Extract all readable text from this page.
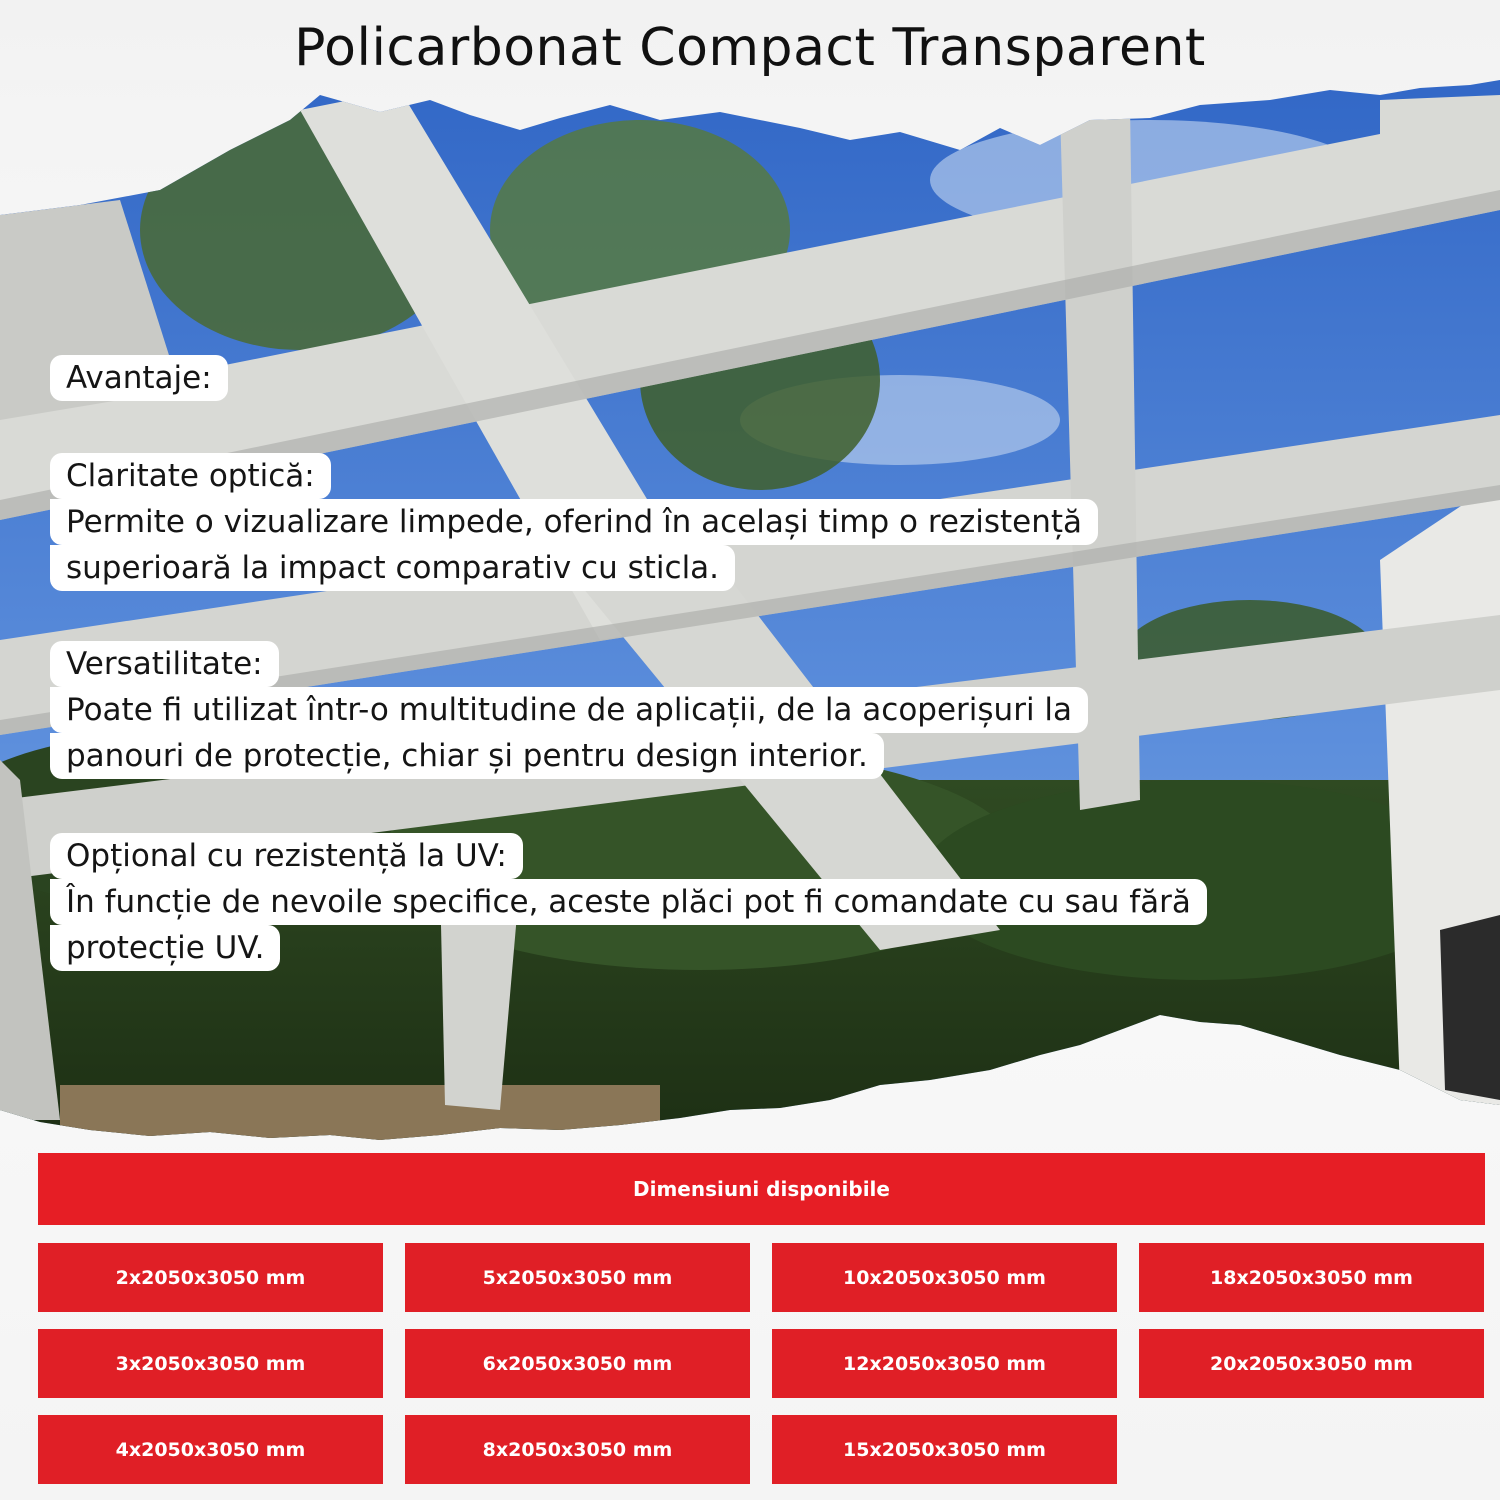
Policarbonat Compact Transparent
Avantaje:
Claritate optică:
Permite o vizualizare limpede, oferind în același timp o rezistență
superioară la impact comparativ cu sticla.
Versatilitate:
Poate fi utilizat într-o multitudine de aplicații, de la acoperișuri la
panouri de protecție, chiar și pentru design interior.
Opțional cu rezistență la UV:
În funcție de nevoile specifice, aceste plăci pot fi comandate cu sau fără
protecție UV.
Dimensiuni disponibile
2x2050x3050 mm	5x2050x3050 mm	10x2050x3050 mm	18x2050x3050 mm
3x2050x3050 mm	6x2050x3050 mm	12x2050x3050 mm	20x2050x3050 mm
4x2050x3050 mm	8x2050x3050 mm	15x2050x3050 mm
